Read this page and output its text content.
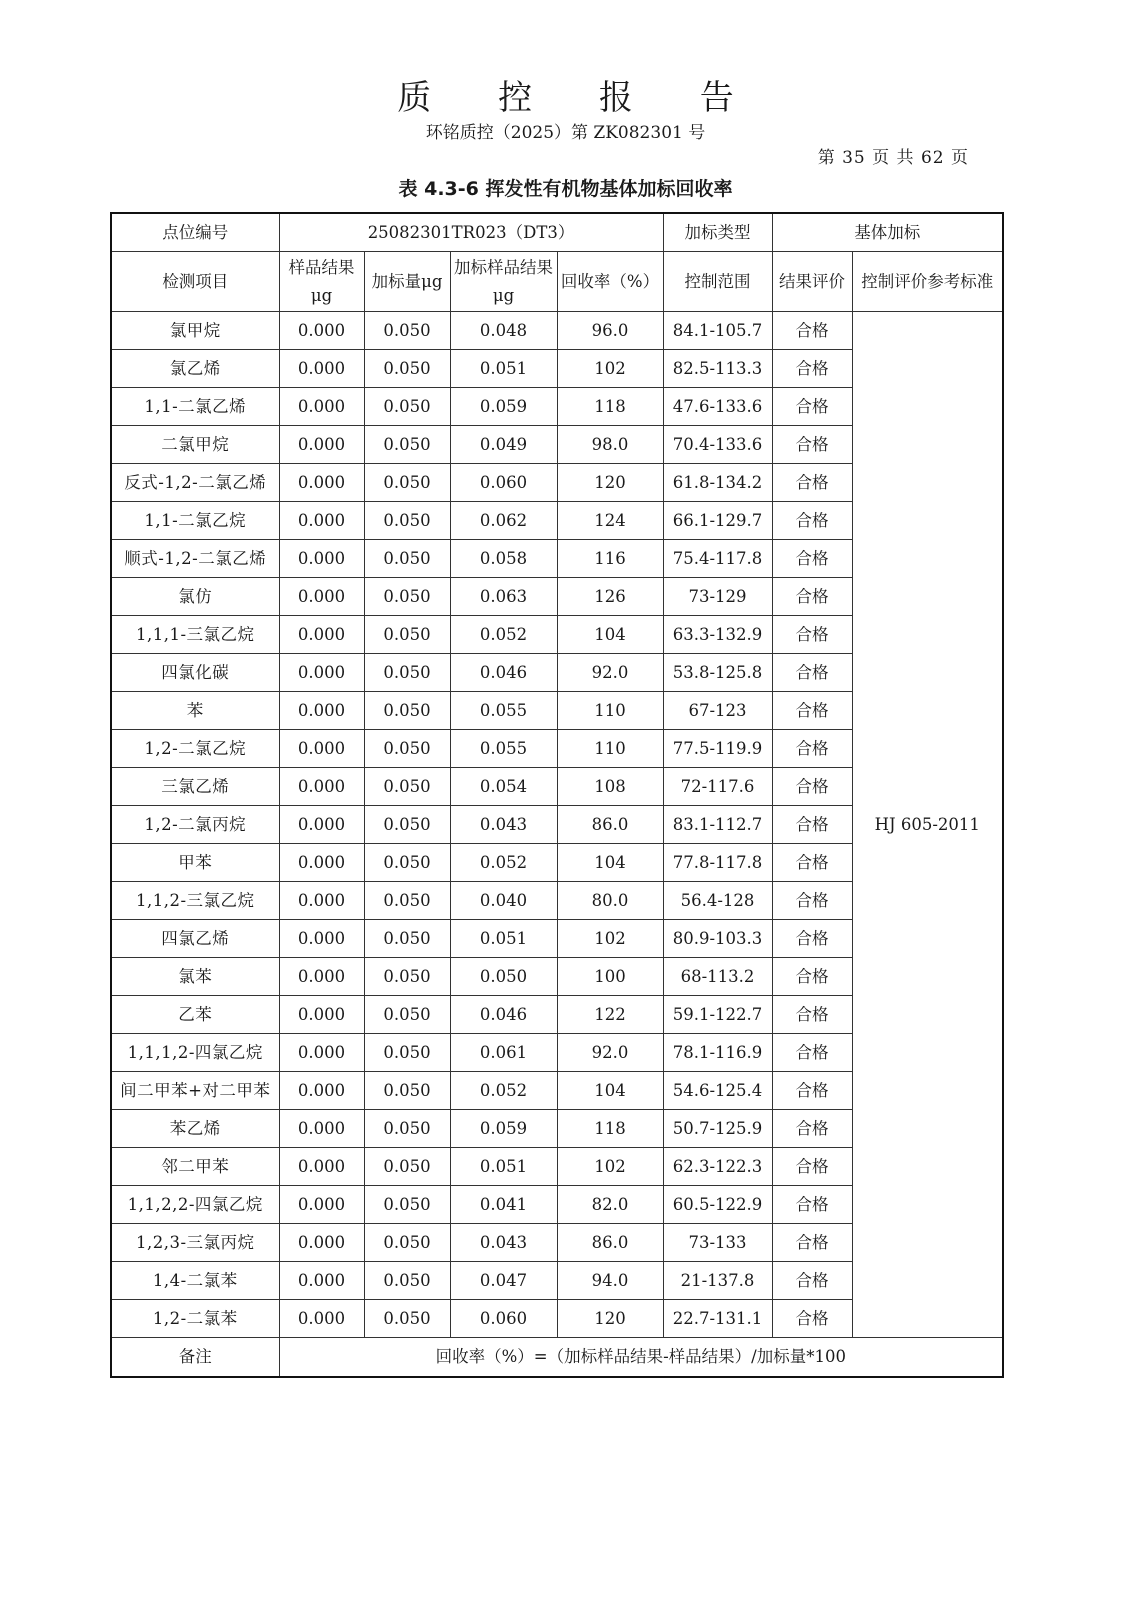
质 控 报 告
环铭质控（2025）第 ZK082301 号
第 35 页 共 62 页
表 4.3-6 挥发性有机物基体加标回收率
点位编号	25082301TR023（DT3）				加标类型	基体加标	
检测项目	样品结果μg	加标量μg	加标样品结果μg	回收率（%）	控制范围	结果评价	控制评价参考标准
氯甲烷	0.000	0.050	0.048	96.0	84.1-105.7	合格	HJ 605-2011
氯乙烯	0.000	0.050	0.051	102	82.5-113.3	合格	
1,1-二氯乙烯	0.000	0.050	0.059	118	47.6-133.6	合格	
二氯甲烷	0.000	0.050	0.049	98.0	70.4-133.6	合格	
反式-1,2-二氯乙烯	0.000	0.050	0.060	120	61.8-134.2	合格	
1,1-二氯乙烷	0.000	0.050	0.062	124	66.1-129.7	合格	
顺式-1,2-二氯乙烯	0.000	0.050	0.058	116	75.4-117.8	合格	
氯仿	0.000	0.050	0.063	126	73-129	合格	
1,1,1-三氯乙烷	0.000	0.050	0.052	104	63.3-132.9	合格	
四氯化碳	0.000	0.050	0.046	92.0	53.8-125.8	合格	
苯	0.000	0.050	0.055	110	67-123	合格	
1,2-二氯乙烷	0.000	0.050	0.055	110	77.5-119.9	合格	
三氯乙烯	0.000	0.050	0.054	108	72-117.6	合格	
1,2-二氯丙烷	0.000	0.050	0.043	86.0	83.1-112.7	合格	
甲苯	0.000	0.050	0.052	104	77.8-117.8	合格	
1,1,2-三氯乙烷	0.000	0.050	0.040	80.0	56.4-128	合格	
四氯乙烯	0.000	0.050	0.051	102	80.9-103.3	合格	
氯苯	0.000	0.050	0.050	100	68-113.2	合格	
乙苯	0.000	0.050	0.046	122	59.1-122.7	合格	
1,1,1,2-四氯乙烷	0.000	0.050	0.061	92.0	78.1-116.9	合格	
间二甲苯+对二甲苯	0.000	0.050	0.052	104	54.6-125.4	合格	
苯乙烯	0.000	0.050	0.059	118	50.7-125.9	合格	
邻二甲苯	0.000	0.050	0.051	102	62.3-122.3	合格	
1,1,2,2-四氯乙烷	0.000	0.050	0.041	82.0	60.5-122.9	合格	
1,2,3-三氯丙烷	0.000	0.050	0.043	86.0	73-133	合格	
1,4-二氯苯	0.000	0.050	0.047	94.0	21-137.8	合格	
1,2-二氯苯	0.000	0.050	0.060	120	22.7-131.1	合格	
备注	回收率（%）=（加标样品结果-样品结果）/加标量*100						
